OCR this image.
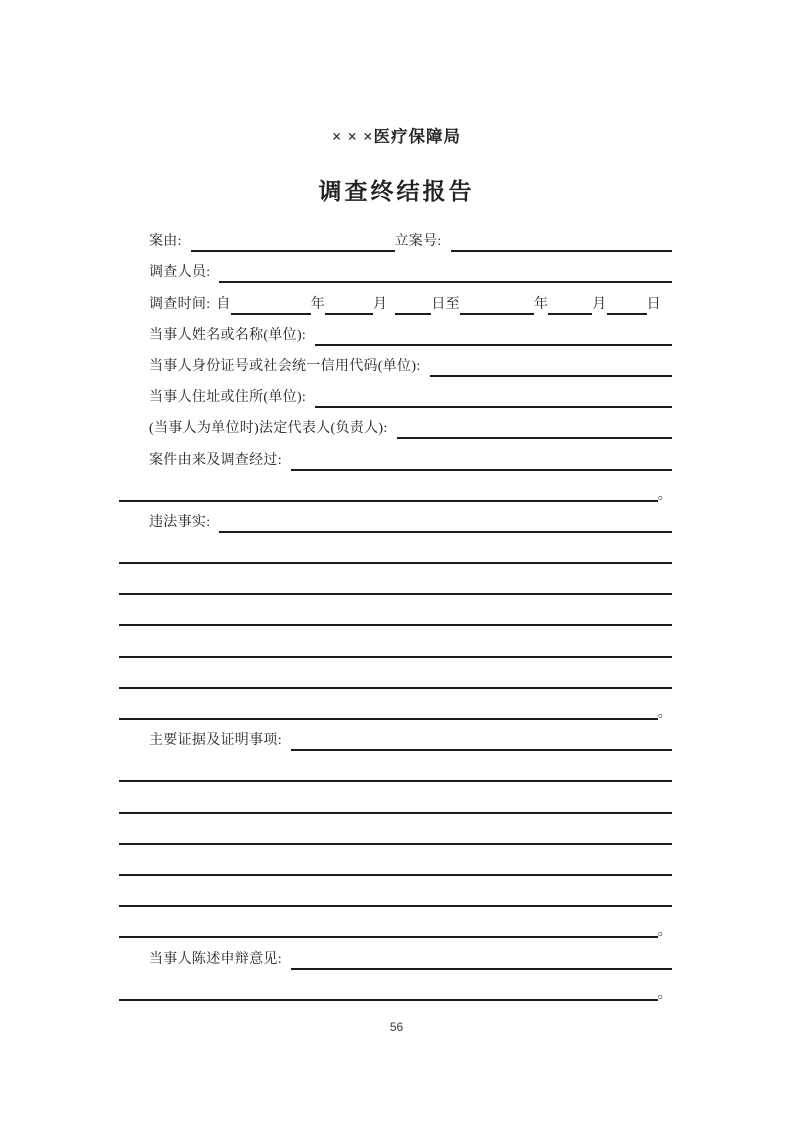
× × ×医疗保障局
调查终结报告
案由:	立案号:
调查人员:
调查时间: 自	年	月	日至	年	月	日
当事人姓名或名称(单位):
当事人身份证号或社会统一信用代码(单位):
当事人住址或住所(单位):
(当事人为单位时)法定代表人(负责人):
案件由来及调查经过:
。
违法事实:
。
主要证据及证明事项:
。
当事人陈述申辩意见:
。
56
